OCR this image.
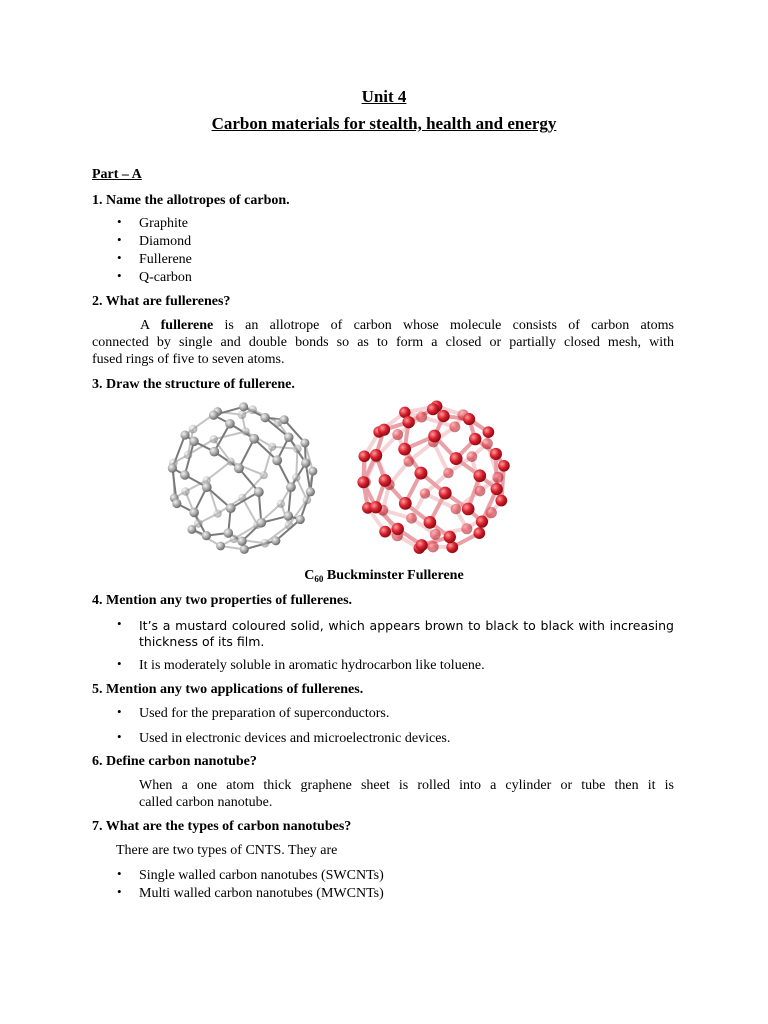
Unit 4
Carbon materials for stealth, health and energy
Part – A
1. Name the allotropes of carbon.
• Graphite
• Diamond
• Fullerene
• Q-carbon
2. What are fullerenes?
A fullerene is an allotrope of carbon whose molecule consists of carbon atoms
connected by single and double bonds so as to form a closed or partially closed mesh, with
fused rings of five to seven atoms.
3. Draw the structure of fullerene.
$C_{60}$ Buckminster Fullerene
4. Mention any two properties of fullerenes.
• It’s a mustard coloured solid, which appears brown to black to black with increasing
thickness of its film.
• It is moderately soluble in aromatic hydrocarbon like toluene.
5. Mention any two applications of fullerenes.
• Used for the preparation of superconductors.
• Used in electronic devices and microelectronic devices.
6. Define carbon nanotube?
When a one atom thick graphene sheet is rolled into a cylinder or tube then it is
called carbon nanotube.
7. What are the types of carbon nanotubes?
There are two types of CNTS. They are
• Single walled carbon nanotubes (SWCNTs)
• Multi walled carbon nanotubes (MWCNTs)
